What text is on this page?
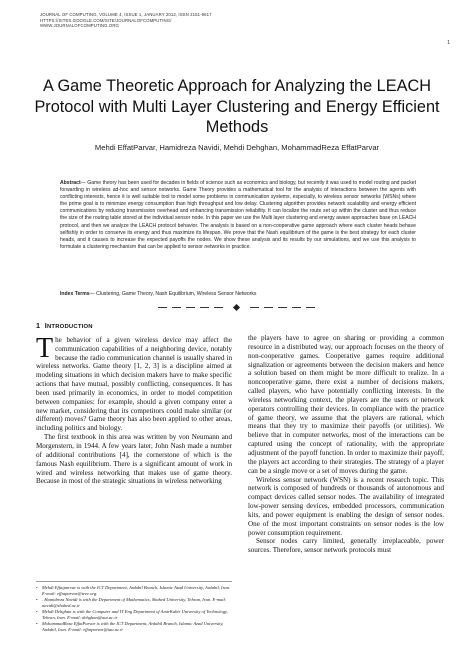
JOURNAL OF COMPUTING, VOLUME 4, ISSUE 1, JANUARY 2012, ISSN 2151-9617
HTTPS://SITES.GOOGLE.COM/SITE/JOURNALOFCOMPUTING/
WWW.JOURNALOFCOMPUTING.ORG
1
A Game Theoretic Approach for Analyzing the LEACH Protocol with Multi Layer Clustering and Energy Efficient Methods
Mehdi EffatParvar, Hamidreza Navidi, Mehdi Dehghan, MohammadReza EffatParvar
Abstract— Game theory has been used for decades in fields of science such as economics and biology, but recently it was used to model routing and packet forwarding in wireless ad-hoc and sensor networks. Game Theory provides a mathematical tool for the analysis of interactions between the agents with conflicting interests, hence it is well suitable tool to model some problems in communication systems, especially, to wireless sensor networks (WSNs) where the prime goal is to minimize energy consumption than high throughput and low delay. Clustering algorithm provides network scalability and energy efficient communications by reducing transmission overhead and enhancing transmission reliability. It can localize the route set up within the cluster and thus reduce the size of the routing table stored at the individual sensor node. In this paper we use the Multi layer clustering and energy aware approaches base on LEACH protocol, and then we analyze the LEACH protocol behavior. The analysis is based on a non-cooperative game approach where each cluster heads behave selfishly in order to conserve its energy and thus maximize its lifespan. We prove that the Nash equilibrium of the game is the best strategy for each cluster heads, and it causes to increase the expected payoffs the nodes. We show these analysis and its results by our simulations, and we use this analysis to formulate a clustering mechanism that can be applied to sensor networks in practice.
Index Terms— Clustering, Game Theory, Nash Equilibrium, Wireless Sensor Networks
1 INTRODUCTION

The behavior of a given wireless device may affect the communication capabilities of a neighboring device, notably because the radio communication channel is usually shared in wireless networks. Game theory [1, 2, 3] is a discipline aimed at modeling situations in which decision makers have to make specific actions that have mutual, possibly conflicting, consequences. It has been used primarily in economics, in order to model competition between companies: for example, should a given company enter a new market, considering that its competitors could make similar (or different) moves? Game theory has also been applied to other areas, including politics and biology.

The first textbook in this area was written by von Neumann and Morgenstern, in 1944. A few years later, John Nash made a number of additional contributions [4], the cornerstone of which is the famous Nash equilibrium. There is a significant amount of work in wired and wireless networking that makes use of game theory. Because in most of the strategic situations in wireless networking

the players have to agree on sharing or providing a common resource in a distributed way, our approach focuses on the theory of non-cooperative games. Cooperative games require additional signalization or agreements between the decision makers and hence a solution based on them might be more difficult to realize. In a noncooperative game, there exist a number of decisions makers, called players, who have potentially conflicting interests. In the wireless networking context, the players are the users or network operators controlling their devices. In compliance with the practice of game theory, we assume that the players are rational, which means that they try to maximize their payoffs (or utilities). We believe that in computer networks, most of the interactions can be captured using the concept of rationality, with the appropriate adjustment of the payoff function. In order to maximize their payoff, the players act according to their strategies. The strategy of a player can be a single move or a set of moves during the game.

Wireless sensor network (WSN) is a recent research topic. This network is composed of hundreds or thousands of autonomous and compact devices called sensor nodes. The availability of integrated low-power sensing devices, embedded processors, communication kits, and power equipment is enabling the design of sensor nodes. One of the most important constraints on sensor nodes is the low power consumption requirement.

Sensor nodes carry limited, generally irreplaceable, power sources. Therefore, sensor network protocols must

• Mehdi Effatparvar is with the ICT Department, Ardabil Branch, Islamic Azad University, Ardabil, Iran. E-mail: effatparvar@ieee.org.

• . Hamidreza Navidi is with the Department of Mathematics, Shahed University, Tehran, Iran. E-mail: navidi@shahed.ac.ir

• Mehdi Dehghan is with the Computer and IT Eng Department of AmirKabir University of Technology, Tehran, Iran. E-mail: dehghan@aut.ac.ir

• MohammadReza EffatParvar is with the ICT Department, Ardabil Branch, Islamic Azad University, Ardabil, Iran. E-mail: effatparvar@iau.ac.ir
